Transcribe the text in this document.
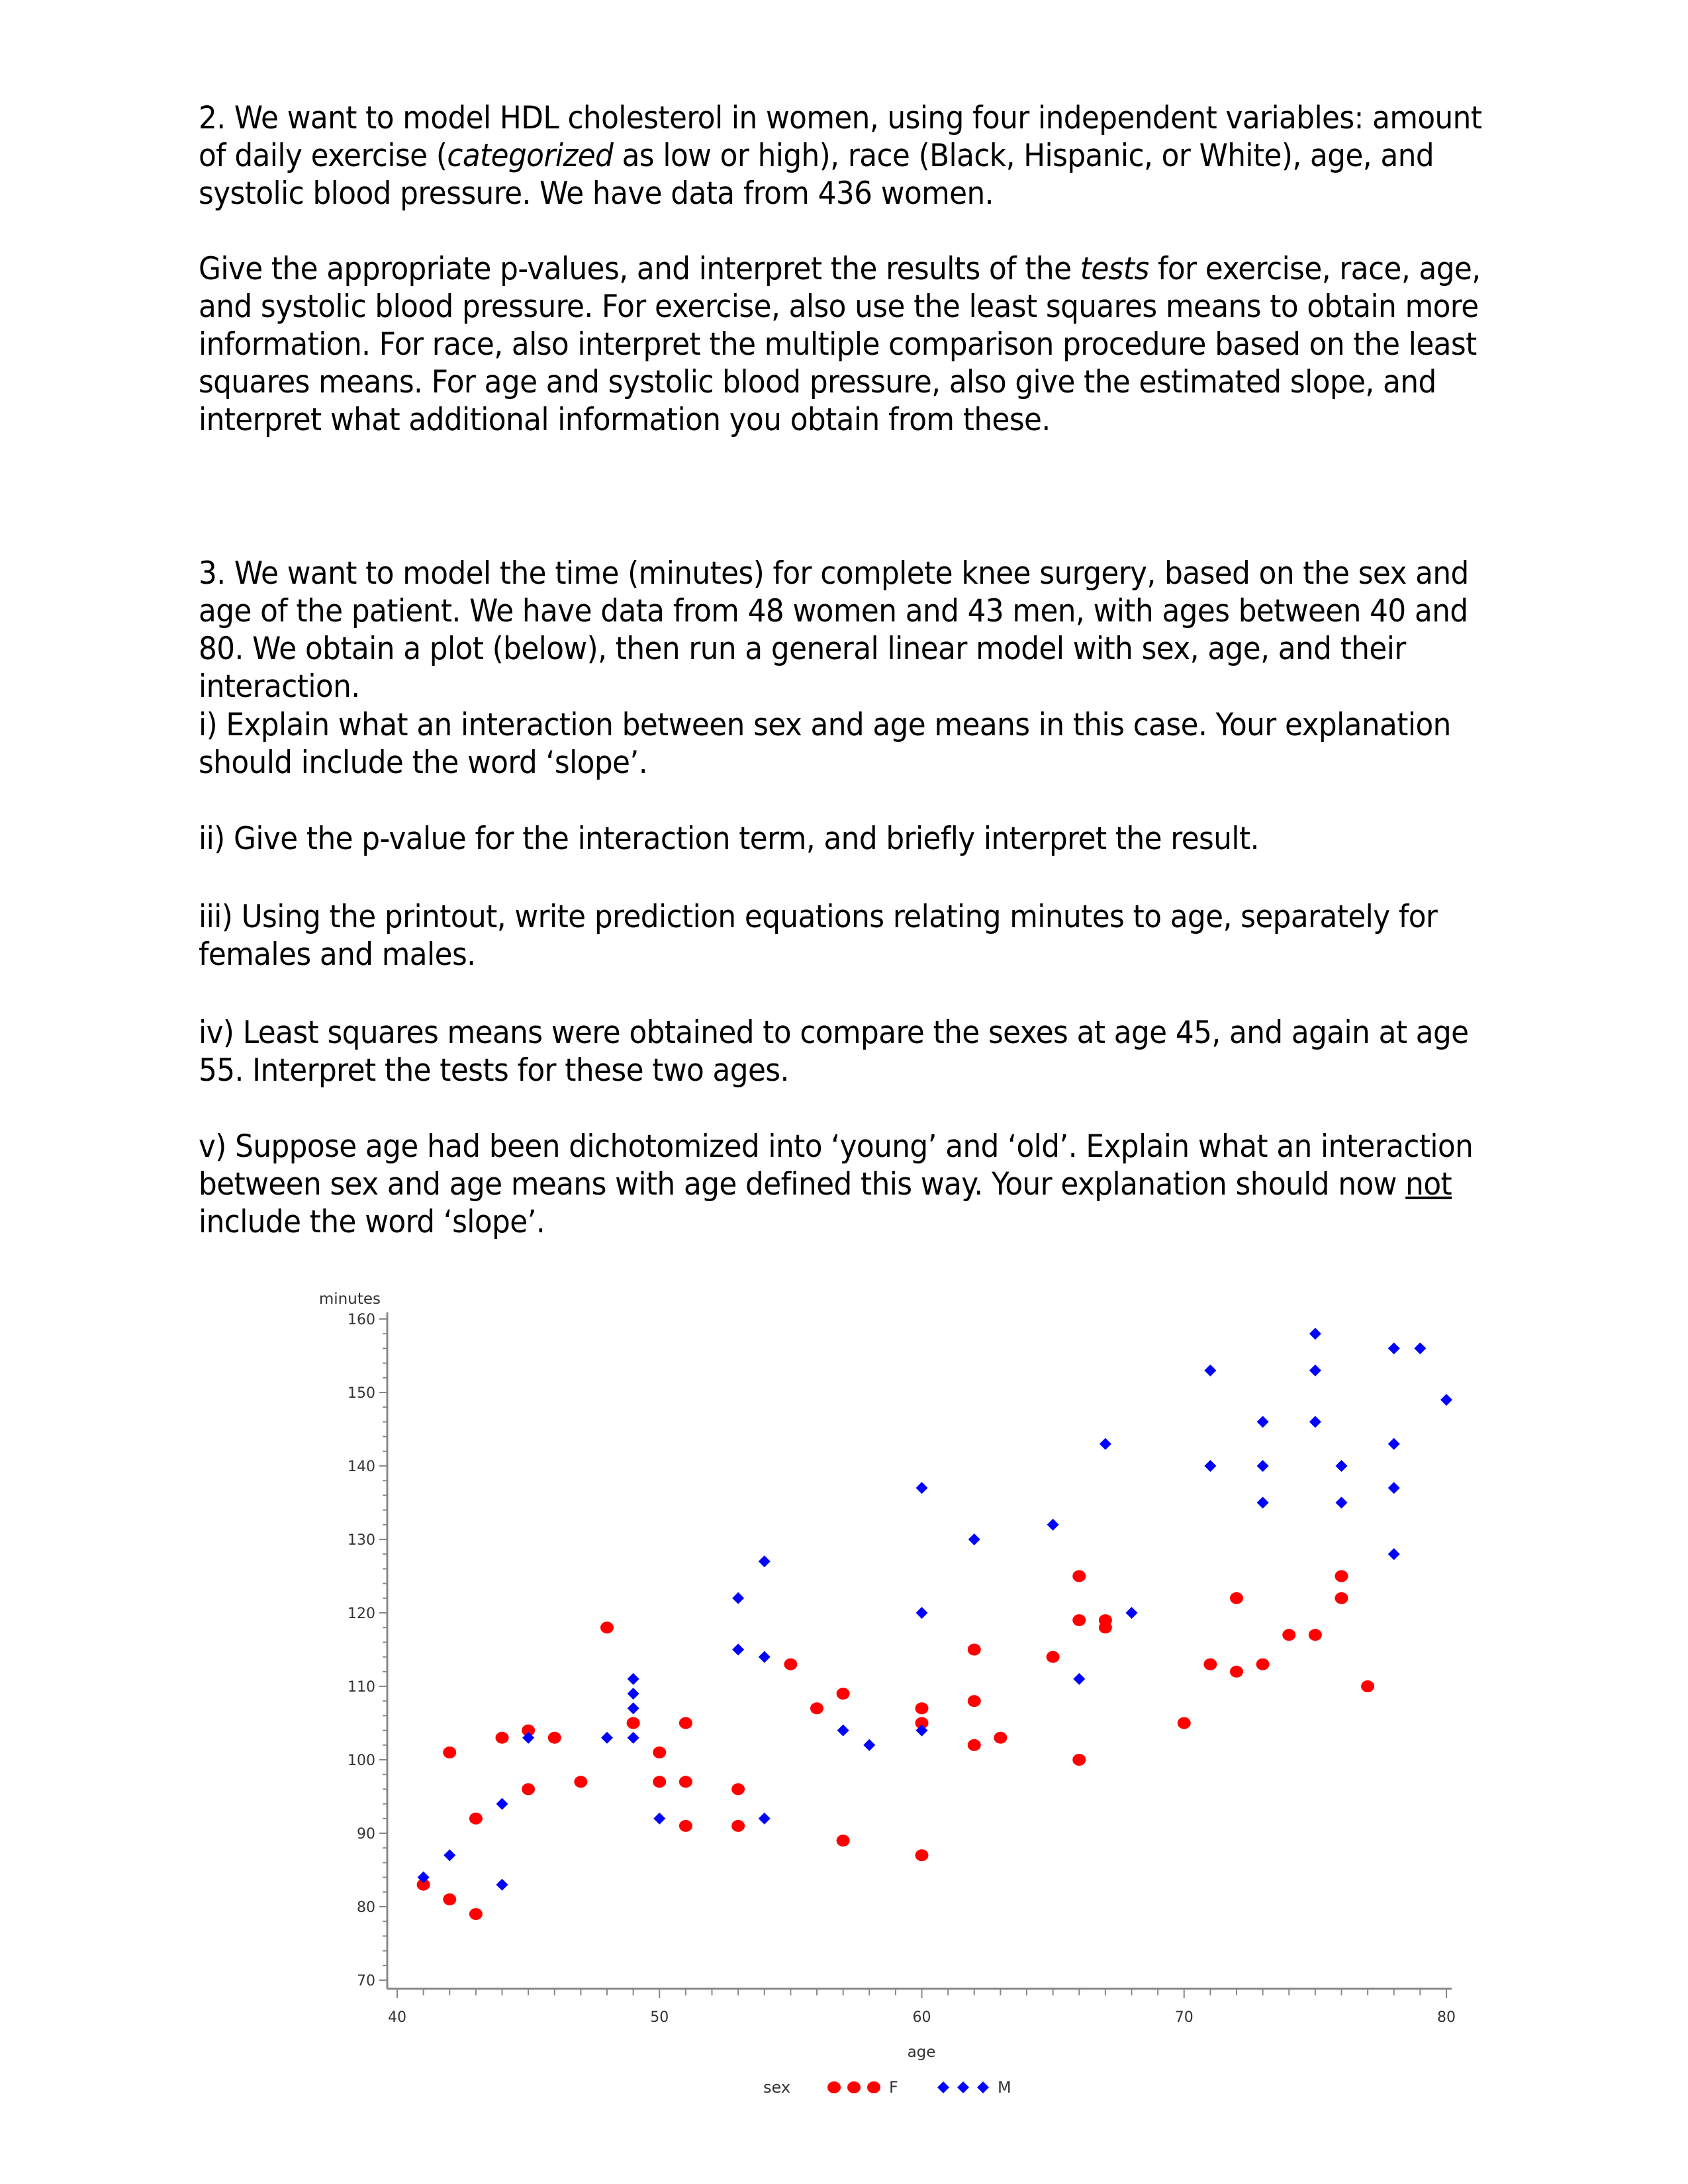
2. We want to model HDL cholesterol in women, using four independent variables: amount of daily exercise (categorized as low or high), race (Black, Hispanic, or White), age, and systolic blood pressure. We have data from 436 women.
Give the appropriate p-values, and interpret the results of the tests for exercise, race, age, and systolic blood pressure. For exercise, also use the least squares means to obtain more information. For race, also interpret the multiple comparison procedure based on the least squares means. For age and systolic blood pressure, also give the estimated slope, and interpret what additional information you obtain from these.
3. We want to model the time (minutes) for complete knee surgery, based on the sex and age of the patient. We have data from 48 women and 43 men, with ages between 40 and 80. We obtain a plot (below), then run a general linear model with sex, age, and their interaction.
i) Explain what an interaction between sex and age means in this case. Your explanation should include the word ‘slope’.
ii) Give the p-value for the interaction term, and briefly interpret the result.
iii) Using the printout, write prediction equations relating minutes to age, separately for females and males.
iv) Least squares means were obtained to compare the sexes at age 45, and again at age 55. Interpret the tests for these two ages.
v) Suppose age had been dichotomized into ‘young’ and ‘old’. Explain what an interaction between sex and age means with age defined this way. Your explanation should now not include the word ‘slope’.
70
80
90
100
110
120
130
140
150
160
40	50	60	70	80
minutes
age
sex	F	M
